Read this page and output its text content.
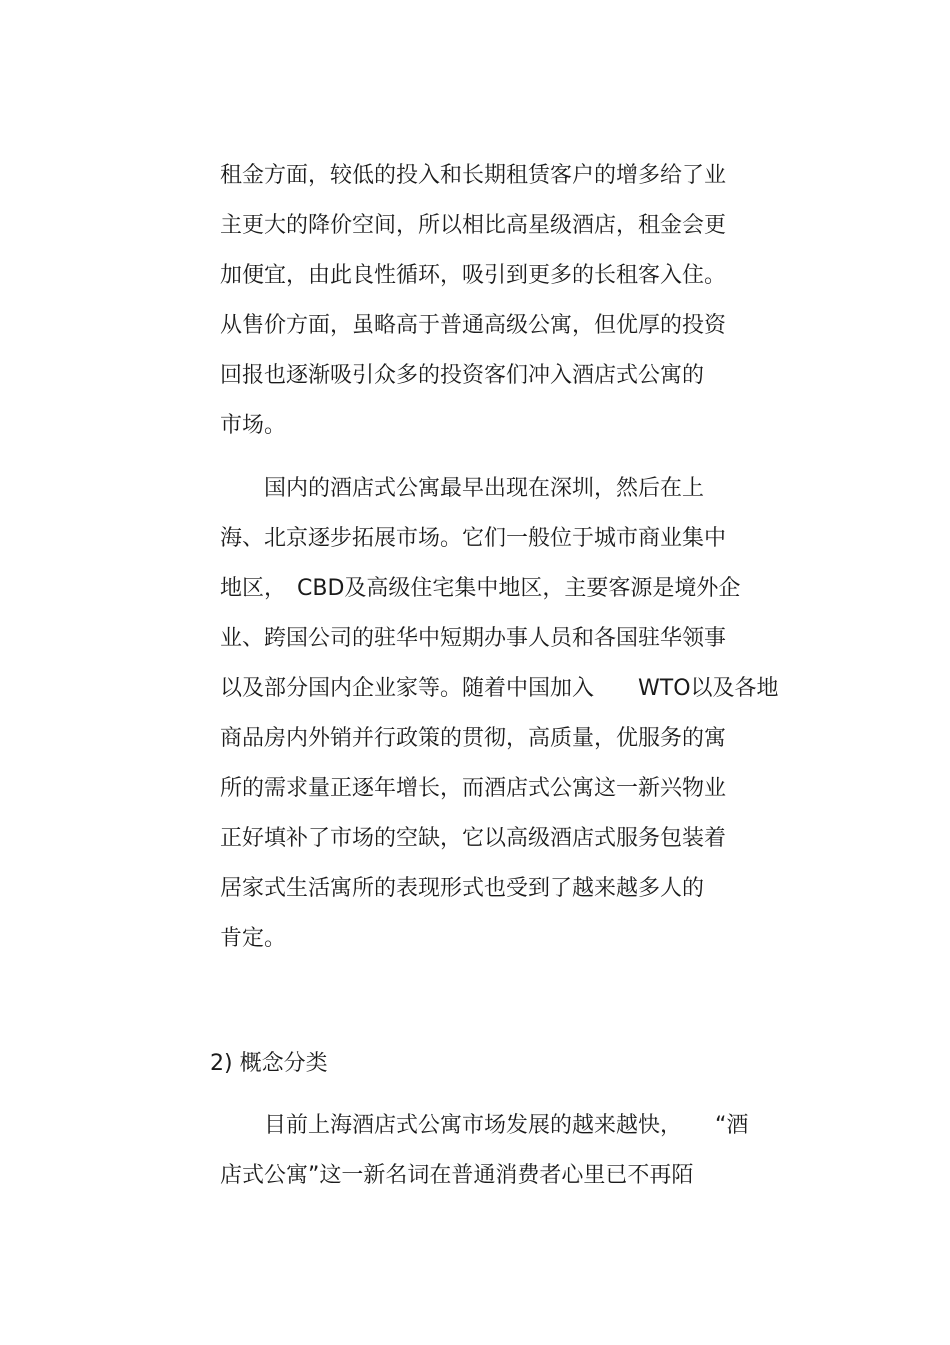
租金方面，较低的投入和长期租赁客户的增多给了业
主更大的降价空间，所以相比高星级酒店，租金会更
加便宜，由此良性循环，吸引到更多的长租客入住。
从售价方面，虽略高于普通高级公寓，但优厚的投资
回报也逐渐吸引众多的投资客们冲入酒店式公寓的
市场。
　　国内的酒店式公寓最早出现在深圳，然后在上
海、北京逐步拓展市场。它们一般位于城市商业集中
地区，　CBD及高级住宅集中地区，主要客源是境外企
业、跨国公司的驻华中短期办事人员和各国驻华领事
以及部分国内企业家等。随着中国加入　　WTO以及各地
商品房内外销并行政策的贯彻，高质量，优服务的寓
所的需求量正逐年增长，而酒店式公寓这一新兴物业
正好填补了市场的空缺，它以高级酒店式服务包装着
居家式生活寓所的表现形式也受到了越来越多人的
肯定。
2) 概念分类
　　目前上海酒店式公寓市场发展的越来越快，　　“酒
店式公寓”这一新名词在普通消费者心里已不再陌
